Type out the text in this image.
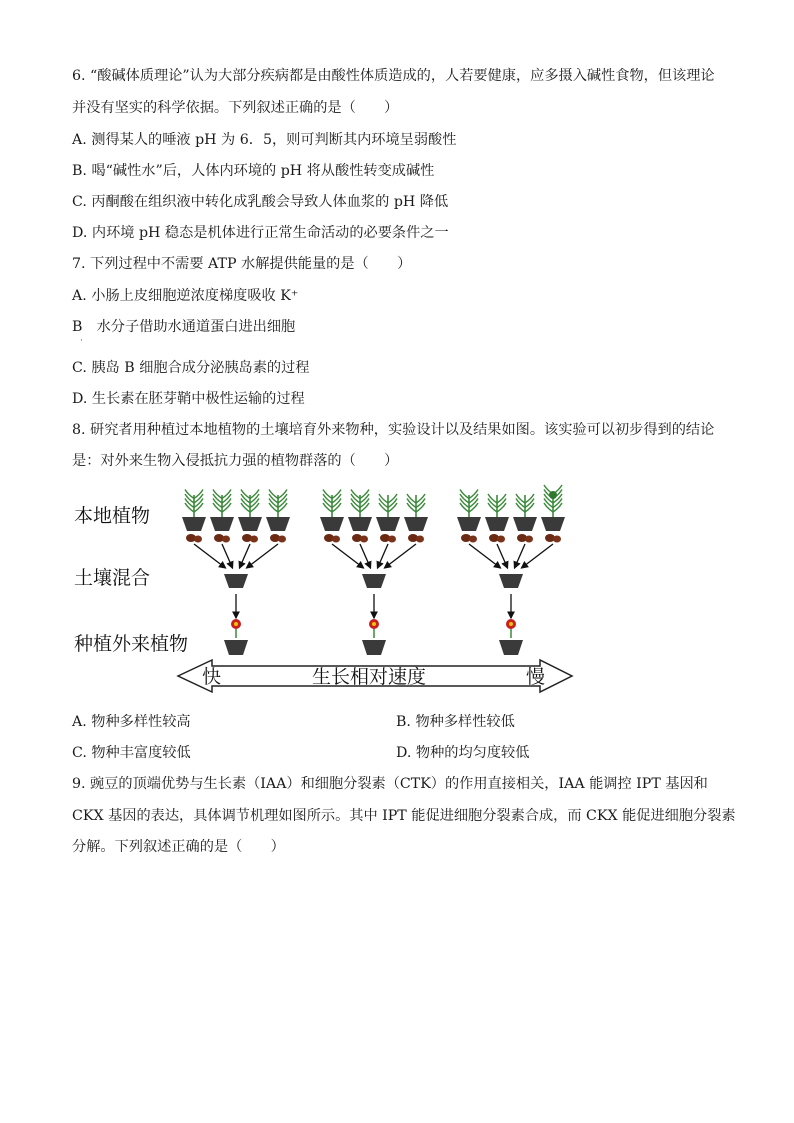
6. “酸碱体质理论”认为大部分疾病都是由酸性体质造成的，人若要健康，应多摄入碱性食物，但该理论
并没有坚实的科学依据。下列叙述正确的是（　　）
A. 测得某人的唾液 pH 为 6．5，则可判断其内环境呈弱酸性
B. 喝“碱性水”后，人体内环境的 pH 将从酸性转变成碱性
C. 丙酮酸在组织液中转化成乳酸会导致人体血浆的 pH 降低
D. 内环境 pH 稳态是机体进行正常生命活动的必要条件之一
7. 下列过程中不需要 ATP 水解提供能量的是（　　）
A. 小肠上皮细胞逆浓度梯度吸收 K⁺
B　水分子借助水通道蛋白进出细胞
·
C. 胰岛 B 细胞合成分泌胰岛素的过程
D. 生长素在胚芽鞘中极性运输的过程
8. 研究者用种植过本地植物的土壤培育外来物种，实验设计以及结果如图。该实验可以初步得到的结论
是：对外来生物入侵抵抗力强的植物群落的（　　）
本地植物
土壤混合
种植外来植物
快	生长相对速度	慢
A. 物种多样性较高	B. 物种多样性较低
C. 物种丰富度较低	D. 物种的均匀度较低
9. 豌豆的顶端优势与生长素（IAA）和细胞分裂素（CTK）的作用直接相关，IAA 能调控 IPT 基因和
CKX 基因的表达，具体调节机理如图所示。其中 IPT 能促进细胞分裂素合成，而 CKX 能促进细胞分裂素
分解。下列叙述正确的是（　　）
